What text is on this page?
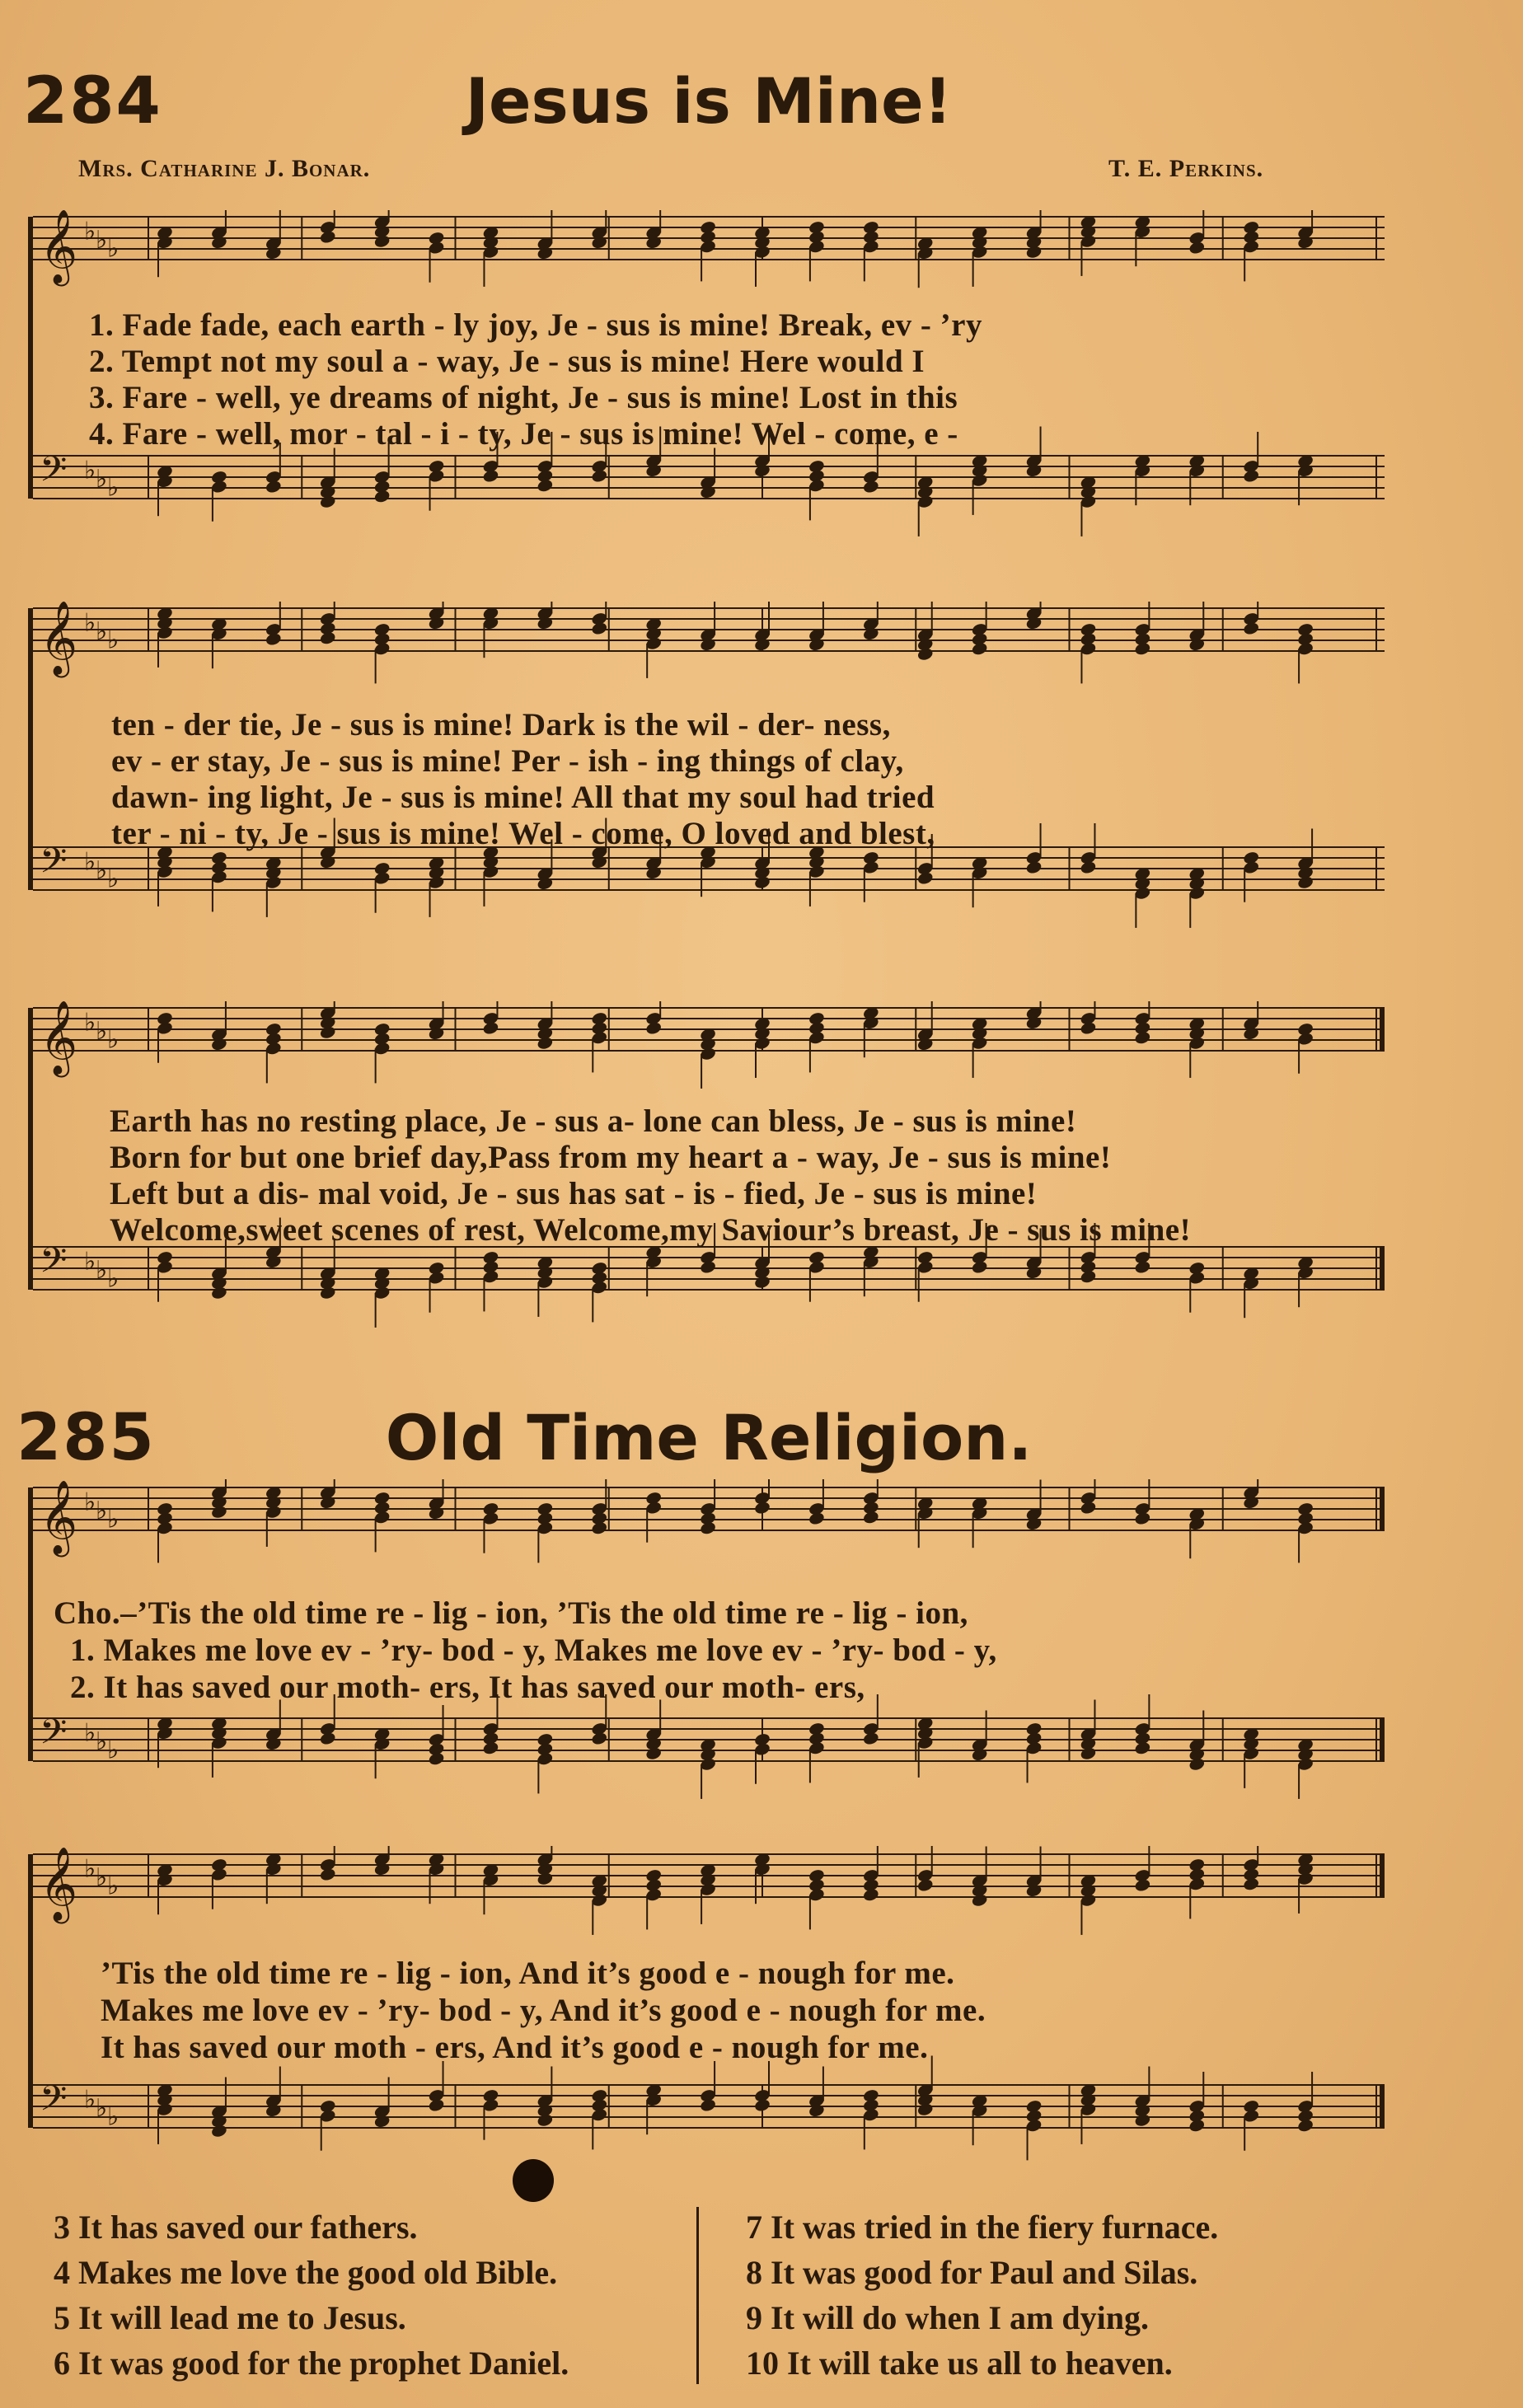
284	Jesus is Mine!
Mrs. Catharine J. Bonar.	T. E. Perkins.
𝄞 ♭ ♭ ♭
𝄢 ♭ ♭ ♭
1. Fade fade, each earth - ly joy, Je - sus is mine! Break, ev - ’ry
2. Tempt not my soul a - way, Je - sus is mine! Here would I
3. Fare - well, ye dreams of night, Je - sus is mine! Lost in this
4. Fare - well, mor - tal - i - ty, Je - sus is mine! Wel - come, e -
𝄞 ♭ ♭ ♭
𝄢 ♭ ♭ ♭
ten - der tie, Je - sus is mine! Dark is the wil - der- ness,
ev - er stay, Je - sus is mine! Per - ish - ing things of clay,
dawn- ing light, Je - sus is mine! All that my soul had tried
ter - ni - ty, Je - sus is mine! Wel - come, O loved and blest,
𝄞 ♭ ♭ ♭
𝄢 ♭ ♭ ♭
Earth has no resting place, Je - sus a- lone can bless, Je - sus is mine!
Born for but one brief day,Pass from my heart a - way, Je - sus is mine!
Left but a dis- mal void, Je - sus has sat - is - fied, Je - sus is mine!
Welcome,sweet scenes of rest, Welcome,my Saviour’s breast, Je - sus is mine!
285	Old Time Religion.
𝄞 ♭ ♭ ♭
𝄢 ♭ ♭ ♭
Cho.–’Tis the old time re - lig - ion, ’Tis the old time re - lig - ion,
1. Makes me love ev - ’ry- bod - y, Makes me love ev - ’ry- bod - y,
2. It has saved our moth- ers, It has saved our moth- ers,
𝄞 ♭ ♭ ♭
𝄢 ♭ ♭ ♭
’Tis the old time re - lig - ion, And it’s good e - nough for me.
Makes me love ev - ’ry- bod - y, And it’s good e - nough for me.
It has saved our moth - ers, And it’s good e - nough for me.
3 It has saved our fathers.
4 Makes me love the good old Bible.
5 It will lead me to Jesus.
6 It was good for the prophet Daniel.
7 It was tried in the fiery furnace.
8 It was good for Paul and Silas.
9 It will do when I am dying.
10 It will take us all to heaven.
